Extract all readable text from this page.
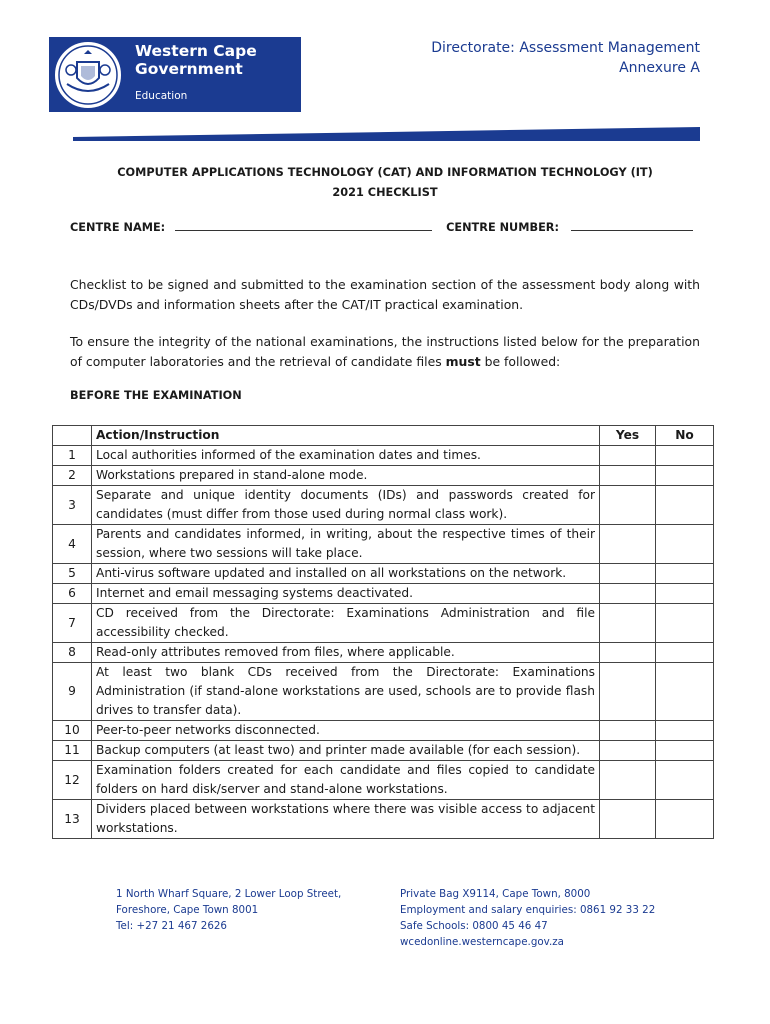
Western Cape
Government
Education
Directorate: Assessment Management
Annexure A
COMPUTER APPLICATIONS TECHNOLOGY (CAT) AND INFORMATION TECHNOLOGY (IT)
2021 CHECKLIST
CENTRE NAME:	CENTRE NUMBER:
Checklist to be signed and submitted to the examination section of the assessment body along with CDs/DVDs and information sheets after the CAT/IT practical examination.
To ensure the integrity of the national examinations, the instructions listed below for the preparation of computer laboratories and the retrieval of candidate files must be followed:
BEFORE THE EXAMINATION
	Action/Instruction	Yes	No
1	Local authorities informed of the examination dates and times.		
2	Workstations prepared in stand-alone mode.		
3	Separate and unique identity documents (IDs) and passwords created for candidates (must differ from those used during normal class work).		
4	Parents and candidates informed, in writing, about the respective times of their session, where two sessions will take place.		
5	Anti-virus software updated and installed on all workstations on the network.		
6	Internet and email messaging systems deactivated.		
7	CD received from the Directorate: Examinations Administration and file accessibility checked.		
8	Read-only attributes removed from files, where applicable.		
9	At least two blank CDs received from the Directorate: Examinations Administration (if stand-alone workstations are used, schools are to provide flash drives to transfer data).		
10	Peer-to-peer networks disconnected.		
11	Backup computers (at least two) and printer made available (for each session).		
12	Examination folders created for each candidate and files copied to candidate folders on hard disk/server and stand-alone workstations.		
13	Dividers placed between workstations where there was visible access to adjacent workstations.		
1 North Wharf Square, 2 Lower Loop Street,
Foreshore, Cape Town 8001
Tel: +27 21 467 2626
Private Bag X9114, Cape Town, 8000
Employment and salary enquiries: 0861 92 33 22
Safe Schools: 0800 45 46 47
wcedonline.westerncape.gov.za
